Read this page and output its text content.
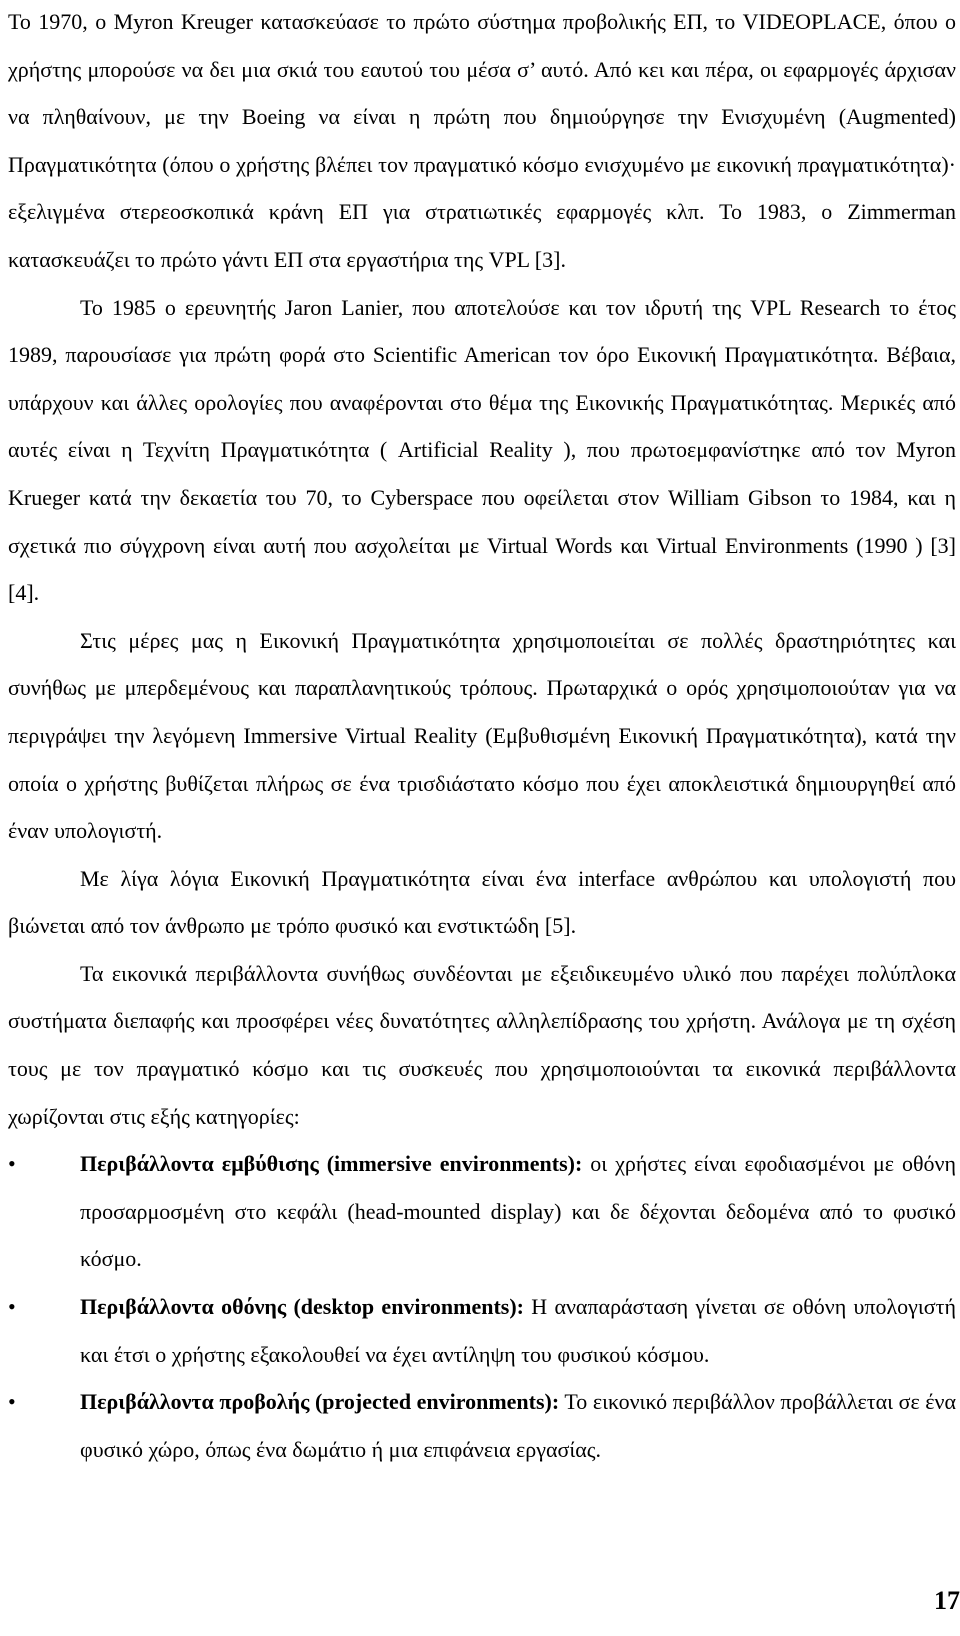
Το 1970, ο Myron Kreuger κατασκεύασε το πρώτο σύστημα προβολικής ΕΠ, το VIDEOPLACE, όπου ο χρήστης μπορούσε να δει μια σκιά του εαυτού του μέσα σ’ αυτό. Από κει και πέρα, οι εφαρμογές άρχισαν να πληθαίνουν, με την Boeing να είναι η πρώτη που δημιούργησε την Ενισχυμένη (Augmented) Πραγματικότητα (όπου ο χρήστης βλέπει τον πραγματικό κόσμο ενισχυμένο με εικονική πραγματικότητα)· εξελιγμένα στερεοσκοπικά κράνη ΕΠ για στρατιωτικές εφαρμογές κλπ. Το 1983, ο Zimmerman κατασκευάζει το πρώτο γάντι ΕΠ στα εργαστήρια της VPL [3].

Το 1985 ο ερευνητής Jaron Lanier, που αποτελούσε και τον ιδρυτή της VPL Research το έτος 1989, παρουσίασε για πρώτη φορά στο Scientific American τον όρο Εικονική Πραγματικότητα. Βέβαια, υπάρχουν και άλλες ορολογίες που αναφέρονται στο θέμα της Εικονικής Πραγματικότητας. Μερικές από αυτές είναι η Τεχνίτη Πραγματικότητα ( Artificial Reality ), που πρωτοεμφανίστηκε από τον Myron Krueger κατά την δεκαετία του 70, το Cyberspace που οφείλεται στον William Gibson το 1984, και η σχετικά πιο σύγχρονη είναι αυτή που ασχολείται με Virtual Words και Virtual Environments (1990 ) [3] [4].

Στις μέρες μας η Εικονική Πραγματικότητα χρησιμοποιείται σε πολλές δραστηριότητες και συνήθως με μπερδεμένους και παραπλανητικούς τρόπους. Πρωταρχικά ο ορός χρησιμοποιούταν για να περιγράψει την λεγόμενη Immersive Virtual Reality (Εμβυθισμένη Εικονική Πραγματικότητα), κατά την οποία ο χρήστης βυθίζεται πλήρως σε ένα τρισδιάστατο κόσμο που έχει αποκλειστικά δημιουργηθεί από έναν υπολογιστή.

Με λίγα λόγια Εικονική Πραγματικότητα είναι ένα interface ανθρώπου και υπολογιστή που βιώνεται από τον άνθρωπο με τρόπο φυσικό και ενστικτώδη [5].

Τα εικονικά περιβάλλοντα συνήθως συνδέονται με εξειδικευμένο υλικό που παρέχει πολύπλοκα συστήματα διεπαφής και προσφέρει νέες δυνατότητες αλληλεπίδρασης του χρήστη. Ανάλογα με τη σχέση τους με τον πραγματικό κόσμο και τις συσκευές που χρησιμοποιούνται τα εικονικά περιβάλλοντα χωρίζονται στις εξής κατηγορίες:

•	Περιβάλλοντα εμβύθισης (immersive environments): οι χρήστες είναι εφοδιασμένοι με οθόνη προσαρμοσμένη στο κεφάλι (head-mounted display) και δε δέχονται δεδομένα από το φυσικό κόσμο.
•	Περιβάλλοντα οθόνης (desktop environments): Η αναπαράσταση γίνεται σε οθόνη υπολογιστή και έτσι ο χρήστης εξακολουθεί να έχει αντίληψη του φυσικού κόσμου.
•	Περιβάλλοντα προβολής (projected environments): Το εικονικό περιβάλλον προβάλλεται σε ένα φυσικό χώρο, όπως ένα δωμάτιο ή μια επιφάνεια εργασίας.
17
